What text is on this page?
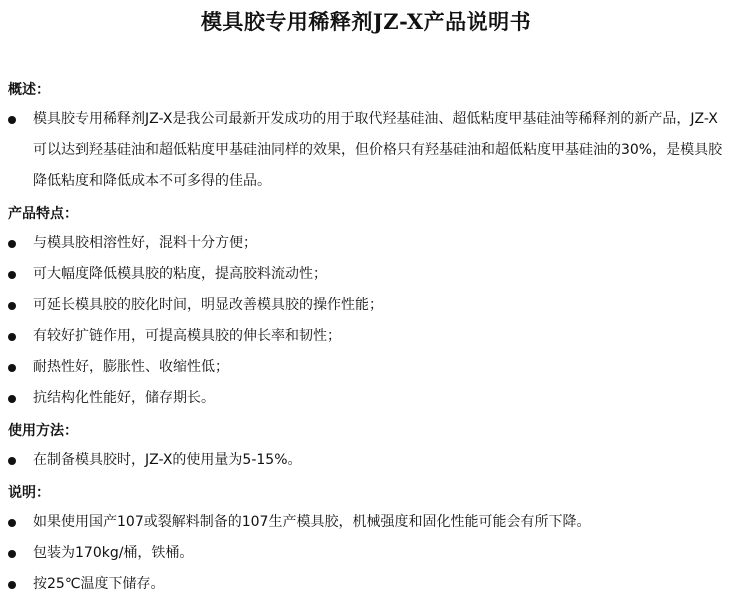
模具胶专用稀释剂JZ-X产品说明书
概述：
模具胶专用稀释剂JZ-X是我公司最新开发成功的用于取代羟基硅油、超低粘度甲基硅油等稀释剂的新产品，JZ-X可以达到羟基硅油和超低粘度甲基硅油同样的效果，但价格只有羟基硅油和超低粘度甲基硅油的30%，是模具胶降低粘度和降低成本不可多得的佳品。
产品特点：
与模具胶相溶性好，混料十分方便；
可大幅度降低模具胶的粘度，提高胶料流动性；
可延长模具胶的胶化时间，明显改善模具胶的操作性能；
有较好扩链作用，可提高模具胶的伸长率和韧性；
耐热性好，膨胀性、收缩性低；
抗结构化性能好，储存期长。
使用方法：
在制备模具胶时，JZ-X的使用量为5-15%。
说明：
如果使用国产107或裂解料制备的107生产模具胶，机械强度和固化性能可能会有所下降。
包装为170kg/桶，铁桶。
按25℃温度下储存。
